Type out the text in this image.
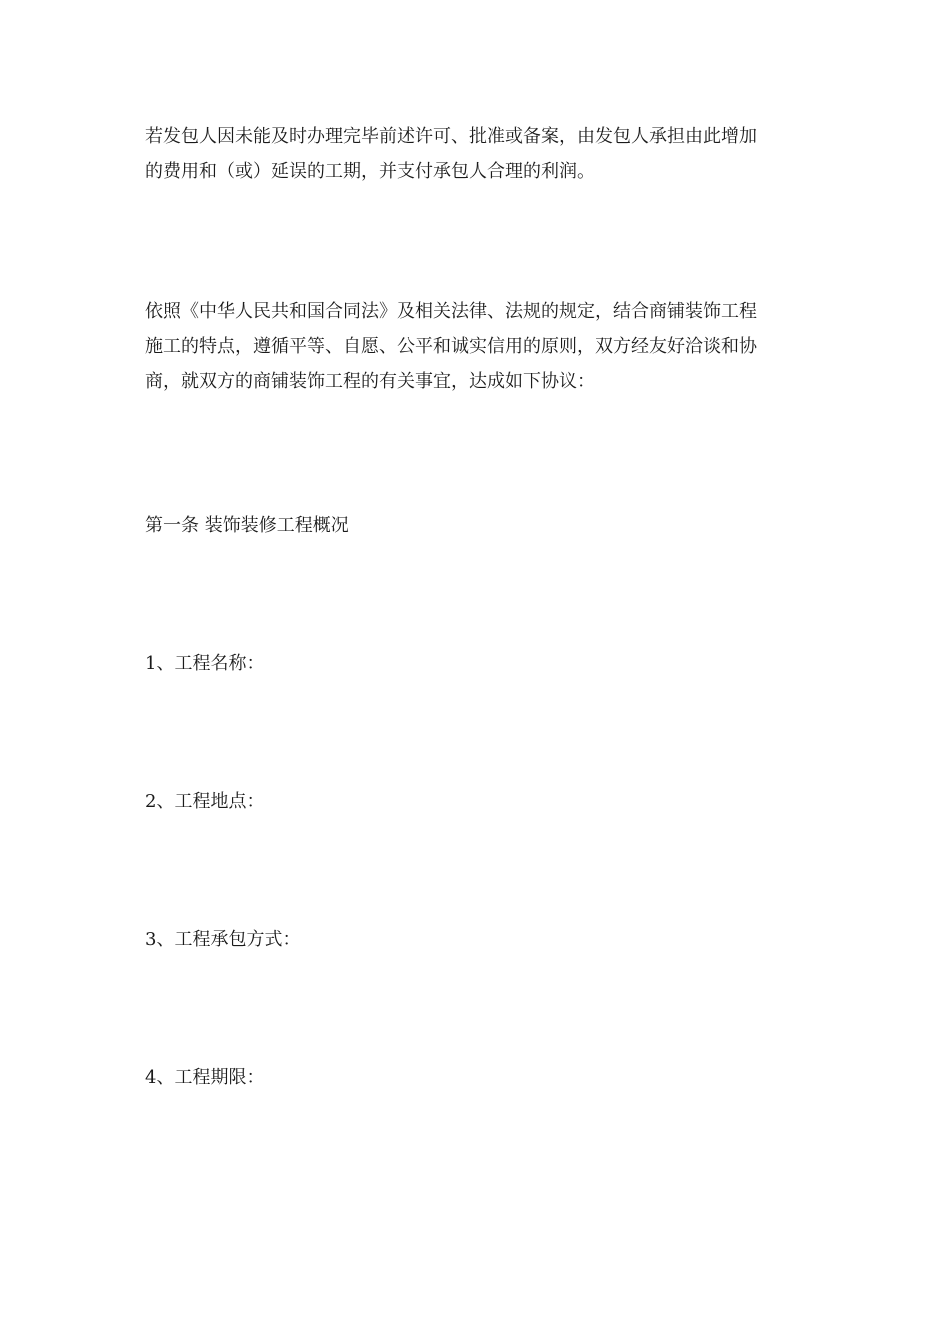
若发包人因未能及时办理完毕前述许可、批准或备案，由发包人承担由此增加
的费用和（或）延误的工期，并支付承包人合理的利润。

依照《中华人民共和国合同法》及相关法律、法规的规定，结合商铺装饰工程
施工的特点，遵循平等、自愿、公平和诚实信用的原则，双方经友好洽谈和协
商，就双方的商铺装饰工程的有关事宜，达成如下协议：

第一条 装饰装修工程概况

1、工程名称：

2、工程地点：

3、工程承包方式：

4、工程期限：
